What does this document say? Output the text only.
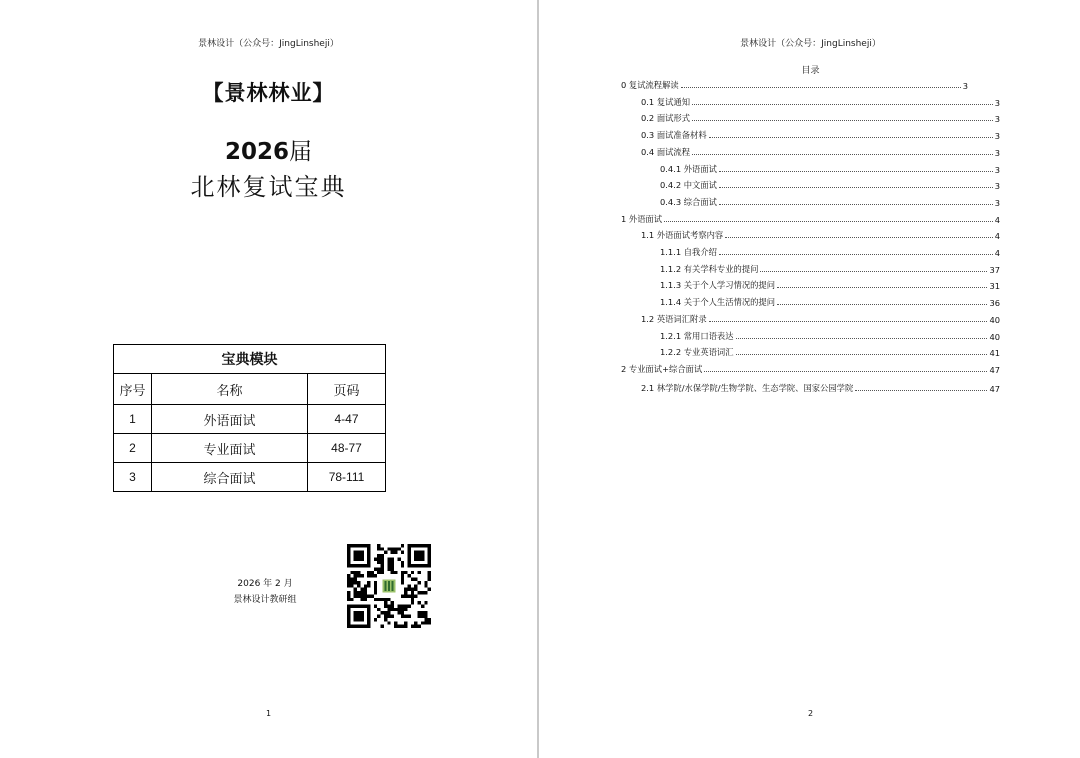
景林设计（公众号：JingLinsheji）
【景林林业】
2026届
北林复试宝典
宝典模块		
序号	名称	页码
1	外语面试	4-47
2	专业面试	48-77
3	综合面试	78-111
2026 年 2 月
景林设计教研组
1
景林设计（公众号：JingLinsheji）
目录
0 复试流程解读	3
0.1 复试通知	3
0.2 面试形式	3
0.3 面试准备材料	3
0.4 面试流程	3
0.4.1 外语面试	3
0.4.2 中文面试	3
0.4.3 综合面试	3
1 外语面试	4
1.1 外语面试考察内容	4
1.1.1 自我介绍	4
1.1.2 有关学科专业的提问	37
1.1.3 关于个人学习情况的提问	31
1.1.4 关于个人生活情况的提问	36
1.2 英语词汇附录	40
1.2.1 常用口语表达	40
1.2.2 专业英语词汇	41
2 专业面试+综合面试	47
2.1 林学院/水保学院/生物学院、生态学院、国家公园学院	47
2
